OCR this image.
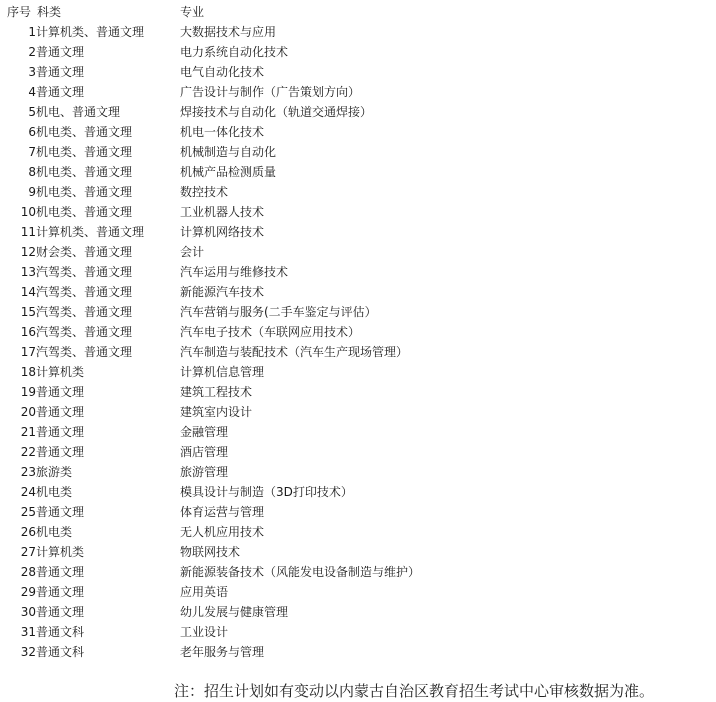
序号 科类	专业
1 计算机类、普通文理	大数据技术与应用
2 普通文理	电力系统自动化技术
3 普通文理	电气自动化技术
4 普通文理	广告设计与制作（广告策划方向）
5 机电、普通文理	焊接技术与自动化（轨道交通焊接）
6 机电类、普通文理	机电一体化技术
7 机电类、普通文理	机械制造与自动化
8 机电类、普通文理	机械产品检测质量
9 机电类、普通文理	数控技术
10 机电类、普通文理	工业机器人技术
11 计算机类、普通文理	计算机网络技术
12 财会类、普通文理	会计
13 汽驾类、普通文理	汽车运用与维修技术
14 汽驾类、普通文理	新能源汽车技术
15 汽驾类、普通文理	汽车营销与服务(二手车鉴定与评估）
16 汽驾类、普通文理	汽车电子技术（车联网应用技术）
17 汽驾类、普通文理	汽车制造与装配技术（汽车生产现场管理）
18 计算机类	计算机信息管理
19 普通文理	建筑工程技术
20 普通文理	建筑室内设计
21 普通文理	金融管理
22 普通文理	酒店管理
23 旅游类	旅游管理
24 机电类	模具设计与制造（3D打印技术）
25 普通文理	体育运营与管理
26 机电类	无人机应用技术
27 计算机类	物联网技术
28 普通文理	新能源装备技术（风能发电设备制造与维护）
29 普通文理	应用英语
30 普通文理	幼儿发展与健康管理
31 普通文科	工业设计
32 普通文科	老年服务与管理
注：招生计划如有变动以内蒙古自治区教育招生考试中心审核数据为准。
